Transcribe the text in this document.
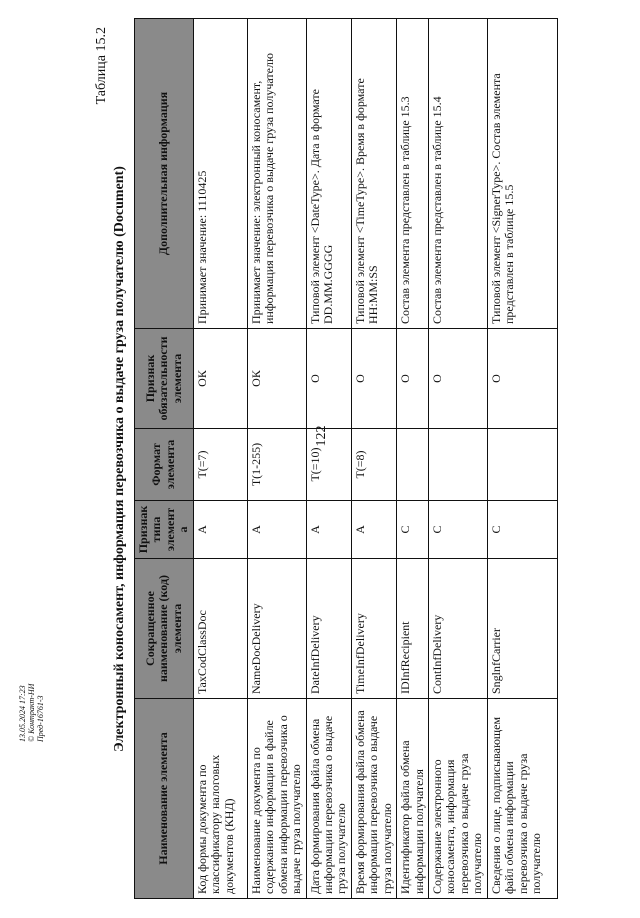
122
Таблица 15.2
Электронный коносамент, информация перевозчика о выдаче груза получателю (Document)
Наименование элемента	Сокращенное наименование (код) элемента	Признак типа элемента	Формат элемента	Признак обязательности элемента	Дополнительная информация
Код формы документа по классификатору налоговых документов (КНД)	TaxCodClassDoc	А	T(=7)	ОК	Принимает значение: 1110425
Наименование документа по содержанию информации в файле обмена информации перевозчика о выдаче груза получателю	NameDocDelivery	А	T(1-255)	ОК	Принимает значение: электронный коносамент, информация перевозчика о выдаче груза получателю
Дата формирования файла обмена информации перевозчика о выдаче груза получателю	DateInfDelivery	А	T(=10)	О	Типовой элемент <DateType>. Дата в формате DD.MM.GGGG
Время формирования файла обмена информации перевозчика о выдаче груза получателю	TimeInfDelivery	А	T(=8)	О	Типовой элемент <TimeType>. Время в формате HH:MM:SS
Идентификатор файла обмена информации получателя	IDInfRecipient	С		О	Состав элемента представлен в таблице 15.3
Содержание электронного коносамента, информация перевозчика о выдаче груза получателю	ContInfDelivery	С		О	Состав элемента представлен в таблице 15.4
Сведения о лице, подписывающем файл обмена информации перевозчика о выдаче груза получателю	SnglnfCarrier	С		О	Типовой элемент <SignerType>. Состав элемента представлен в таблице 15.5
13.05.2024 17:23 © Контракт-НИ Пред-16761-3
